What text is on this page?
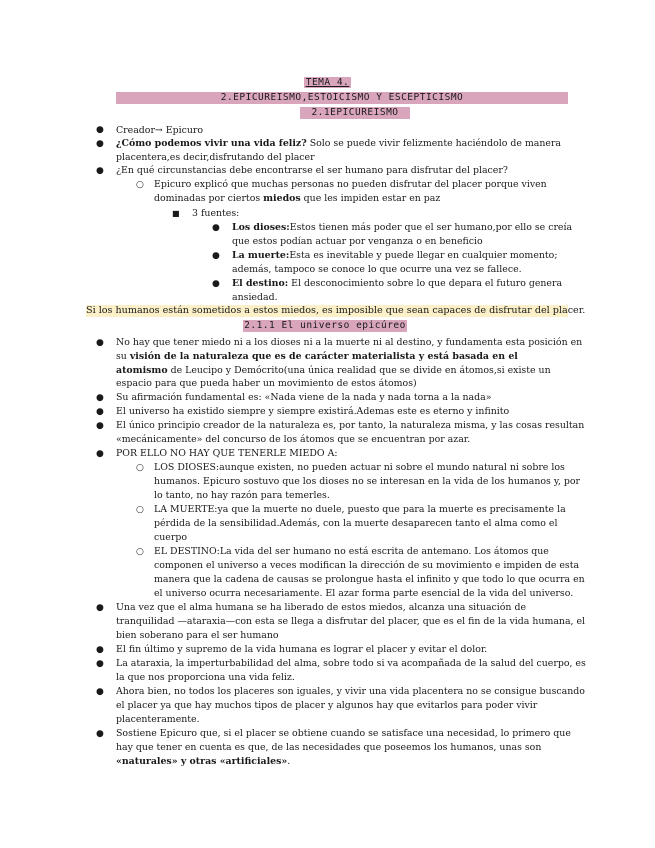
TEMA 4.
2.EPICUREISMO,ESTOICISMO Y ESCEPTICISMO
2.1EPICUREISMO
● Creador→ Epicuro
● ¿Cómo podemos vivir una vida feliz? Solo se puede vivir felizmente haciéndolo de manera
placentera,es decir,disfrutando del placer
● ¿En qué circunstancias debe encontrarse el ser humano para disfrutar del placer?
○ Epicuro explicó que muchas personas no pueden disfrutar del placer porque viven
dominadas por ciertos miedos que les impiden estar en paz
■ 3 fuentes:
● Los dioses:Estos tienen más poder que el ser humano,por ello se creía
que estos podían actuar por venganza o en beneficio
● La muerte:Esta es inevitable y puede llegar en cualquier momento;
además, tampoco se conoce lo que ocurre una vez se fallece.
● El destino: El desconocimiento sobre lo que depara el futuro genera
ansiedad.
Si los humanos están sometidos a estos miedos, es imposible que sean capaces de disfrutar del placer.
2.1.1 El universo epicúreo
● No hay que tener miedo ni a los dioses ni a la muerte ni al destino, y fundamenta esta posición en
su visión de la naturaleza que es de carácter materialista y está basada en el
atomismo de Leucipo y Demócrito(una única realidad que se divide en átomos,si existe un
espacio para que pueda haber un movimiento de estos átomos)
● Su afirmación fundamental es: «Nada viene de la nada y nada torna a la nada»
● El universo ha existido siempre y siempre existirá.Ademas este es eterno y infinito
● El único principio creador de la naturaleza es, por tanto, la naturaleza misma, y las cosas resultan
«mecánicamente» del concurso de los átomos que se encuentran por azar.
● POR ELLO NO HAY QUE TENERLE MIEDO A:
○ LOS DIOSES:aunque existen, no pueden actuar ni sobre el mundo natural ni sobre los
humanos. Epicuro sostuvo que los dioses no se interesan en la vida de los humanos y, por
lo tanto, no hay razón para temerles.
○ LA MUERTE:ya que la muerte no duele, puesto que para la muerte es precisamente la
pérdida de la sensibilidad.Además, con la muerte desaparecen tanto el alma como el
cuerpo
○ EL DESTINO:La vida del ser humano no está escrita de antemano. Los átomos que
componen el universo a veces modifican la dirección de su movimiento e impiden de esta
manera que la cadena de causas se prolongue hasta el infinito y que todo lo que ocurra en
el universo ocurra necesariamente. El azar forma parte esencial de la vida del universo.
● Una vez que el alma humana se ha liberado de estos miedos, alcanza una situación de
tranquilidad —ataraxia—con esta se llega a disfrutar del placer, que es el fin de la vida humana, el
bien soberano para el ser humano
● El fin último y supremo de la vida humana es lograr el placer y evitar el dolor.
● La ataraxia, la imperturbabilidad del alma, sobre todo si va acompañada de la salud del cuerpo, es
la que nos proporciona una vida feliz.
● Ahora bien, no todos los placeres son iguales, y vivir una vida placentera no se consigue buscando
el placer ya que hay muchos tipos de placer y algunos hay que evitarlos para poder vivir
placenteramente.
● Sostiene Epicuro que, si el placer se obtiene cuando se satisface una necesidad, lo primero que
hay que tener en cuenta es que, de las necesidades que poseemos los humanos, unas son
«naturales» y otras «artificiales».
